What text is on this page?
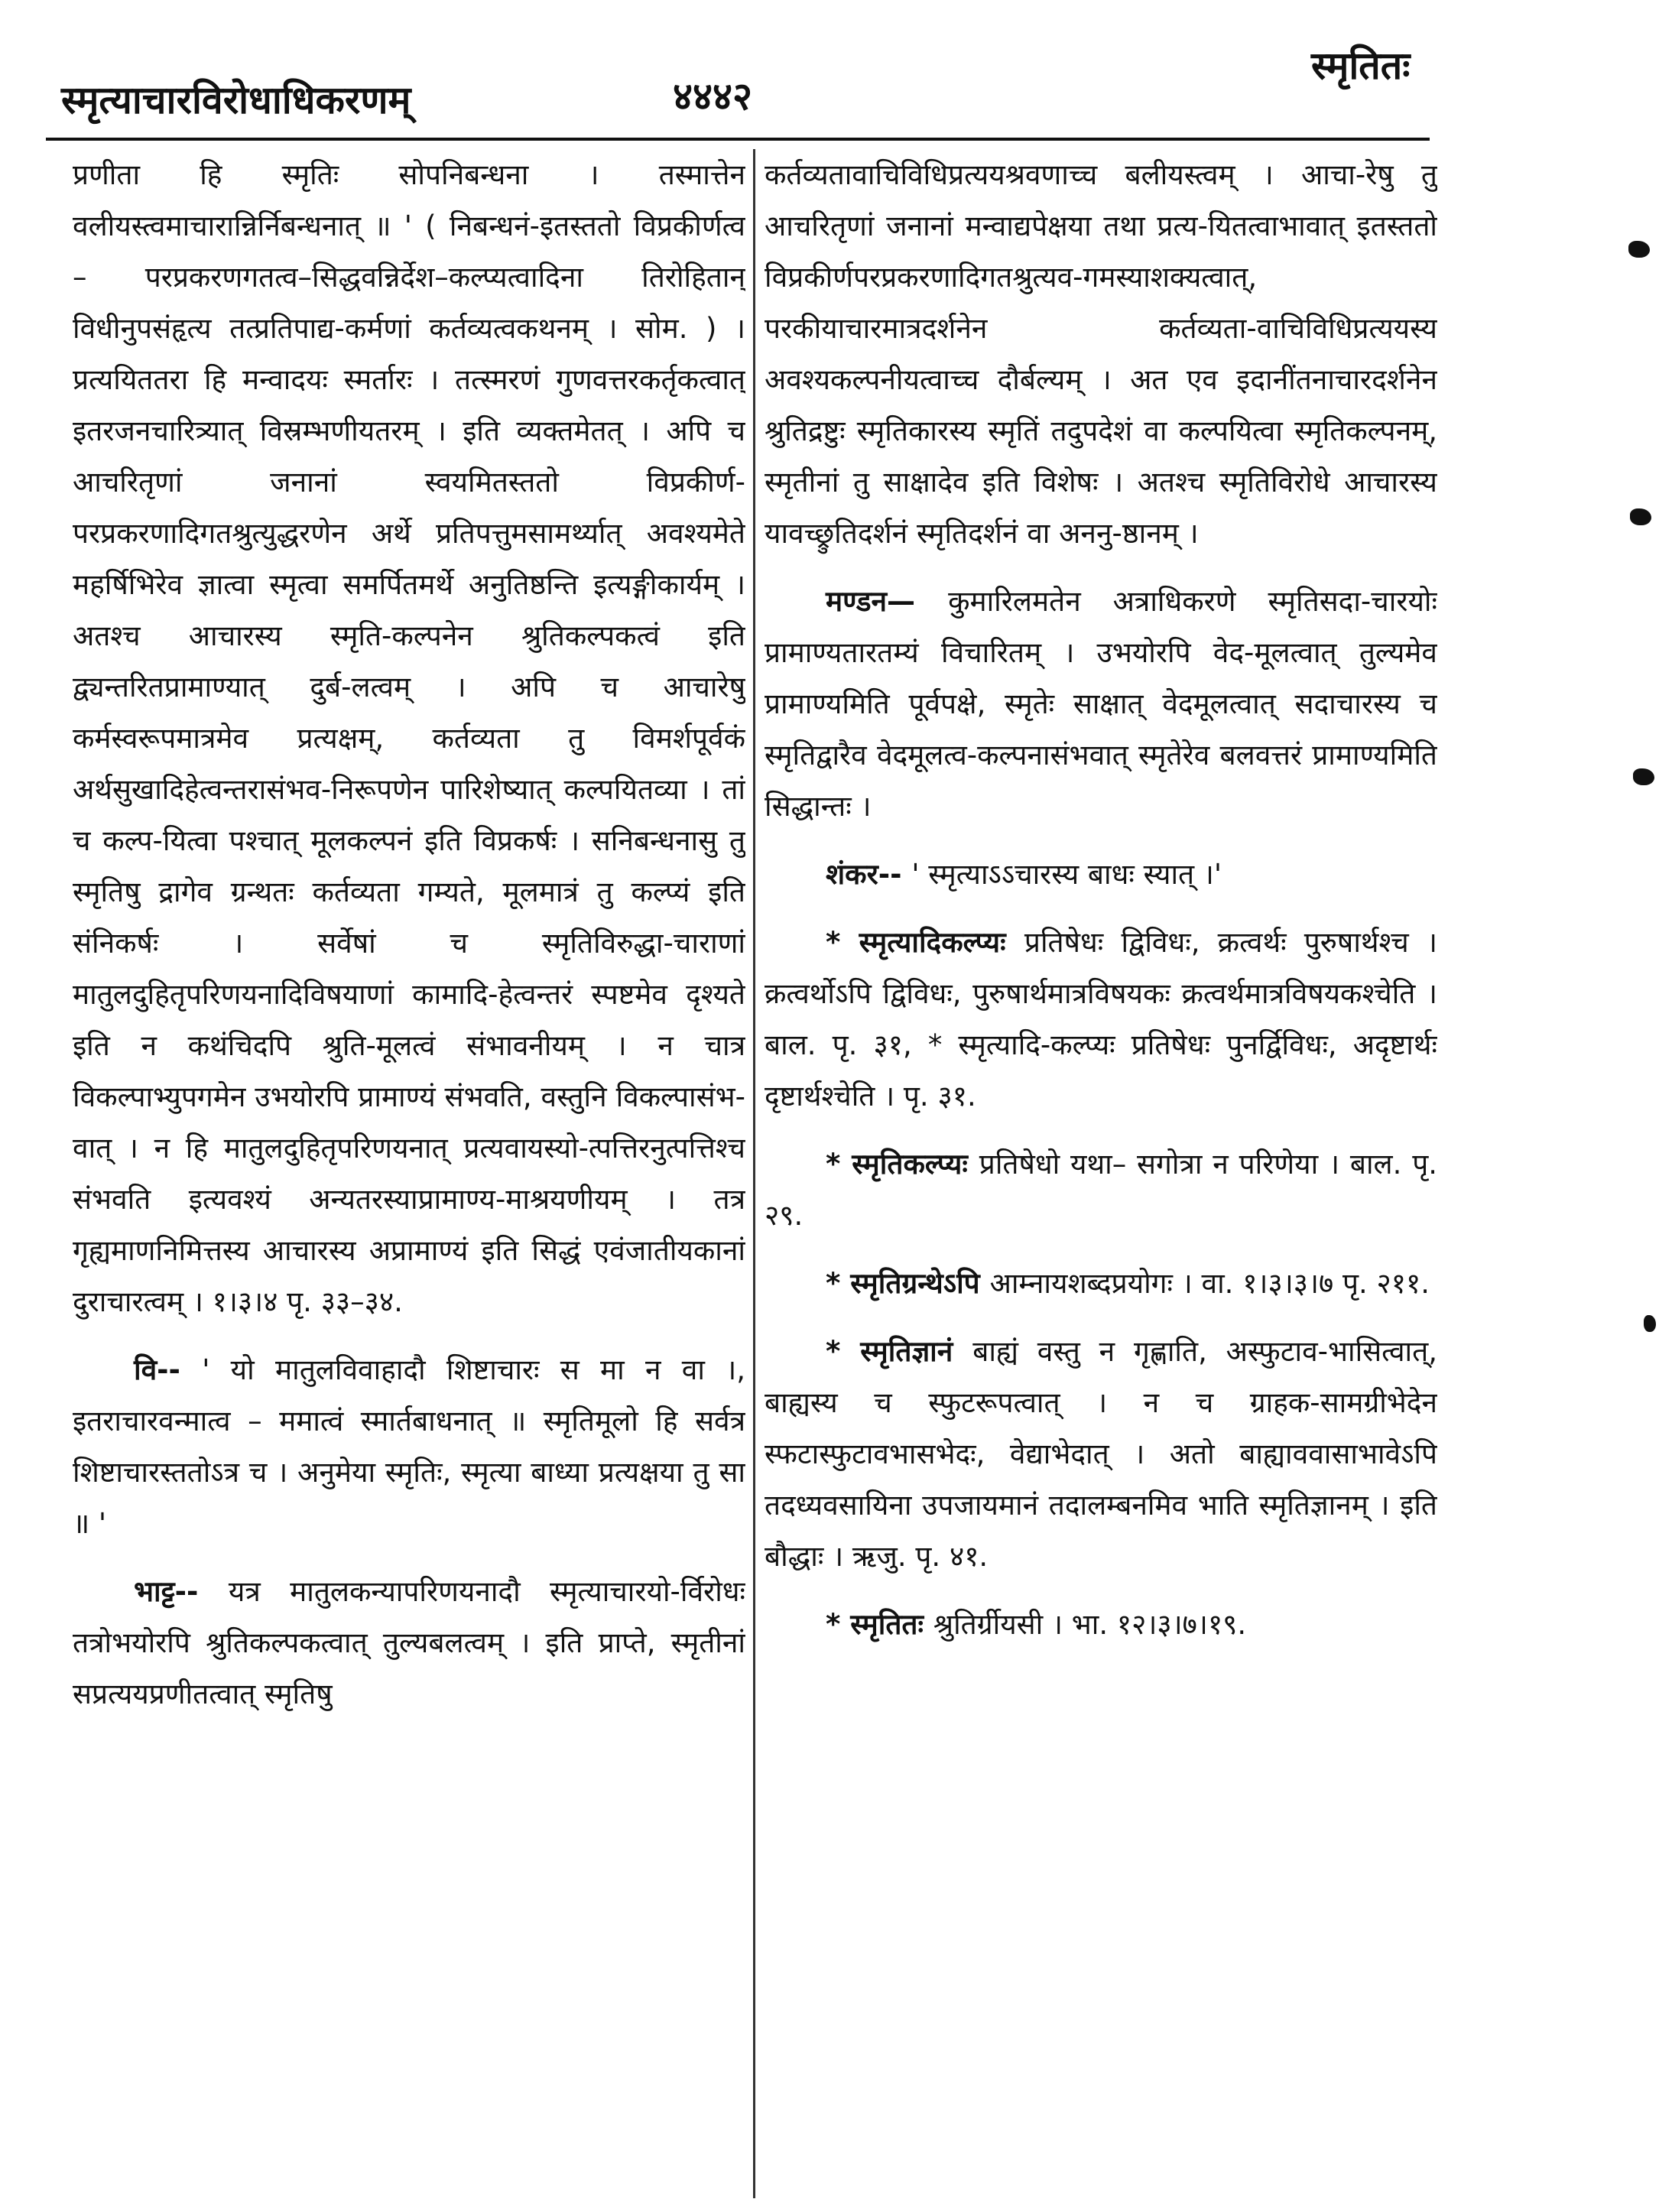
स्मृत्याचारविरोधाधिकरणम्	४४४२
स्मृतितः

प्रणीता हि स्मृतिः सोपनिबन्धना । तस्मात्तेन वलीयस्त्वमाचारान्निर्निबन्धनात् ॥ ' ( निबन्धनं-इतस्ततो विप्रकीर्णत्व – परप्रकरणगतत्व–सिद्धवन्निर्देश–कल्प्यत्वादिना तिरोहितान् विधीनुपसंहृत्य तत्प्रतिपाद्य-कर्मणां कर्तव्यत्वकथनम् । सोम. ) । प्रत्ययिततरा हि मन्वादयः स्मर्तारः । तत्स्मरणं गुणवत्तरकर्तृकत्वात् इतरजनचारित्र्यात् विस्रम्भणीयतरम् । इति व्यक्तमेतत् । अपि च आचरितृणां जनानां स्वयमितस्ततो विप्रकीर्ण-परप्रकरणादिगतश्रुत्युद्धरणेन अर्थे प्रतिपत्तुमसामर्थ्यात् अवश्यमेते महर्षिभिरेव ज्ञात्वा स्मृत्वा समर्पितमर्थे अनुतिष्ठन्ति इत्यङ्गीकार्यम् । अतश्च आचारस्य स्मृति-कल्पनेन श्रुतिकल्पकत्वं इति द्व्यन्तरितप्रामाण्यात् दुर्ब-लत्वम् । अपि च आचारेषु कर्मस्वरूपमात्रमेव प्रत्यक्षम्, कर्तव्यता तु विमर्शपूर्वकं अर्थसुखादिहेत्वन्तरासंभव-निरूपणेन पारिशेष्यात् कल्पयितव्या । तां च कल्प-यित्वा पश्चात् मूलकल्पनं इति विप्रकर्षः । सनिबन्धनासु तु स्मृतिषु द्रागेव ग्रन्थतः कर्तव्यता गम्यते, मूलमात्रं तु कल्प्यं इति संनिकर्षः । सर्वेषां च स्मृतिविरुद्धा-चाराणां मातुलदुहितृपरिणयनादिविषयाणां कामादि-हेत्वन्तरं स्पष्टमेव दृश्यते इति न कथंचिदपि श्रुति-मूलत्वं संभावनीयम् । न चात्र विकल्पाभ्युपगमेन उभयोरपि प्रामाण्यं संभवति, वस्तुनि विकल्पासंभ-वात् । न हि मातुलदुहितृपरिणयनात् प्रत्यवायस्यो-त्पत्तिरनुत्पत्तिश्च संभवति इत्यवश्यं अन्यतरस्याप्रामाण्य-माश्रयणीयम् । तत्र गृह्यमाणनिमित्तस्य आचारस्य अप्रामाण्यं इति सिद्धं एवंजातीयकानां दुराचारत्वम् । १।३।४ पृ. ३३–३४.

वि-- ' यो मातुलविवाहादौ शिष्टाचारः स मा न वा ।, इतराचारवन्मात्व – ममात्वं स्मार्तबाधनात् ॥ स्मृतिमूलो हि सर्वत्र शिष्टाचारस्ततोऽत्र च । अनुमेया स्मृतिः, स्मृत्या बाध्या प्रत्यक्षया तु सा ॥ '

भाट्ट-- यत्र मातुलकन्यापरिणयनादौ स्मृत्याचारयो-र्विरोधः तत्रोभयोरपि श्रुतिकल्पकत्वात् तुल्यबलत्वम् । इति प्राप्ते, स्मृतीनां सप्रत्ययप्रणीतत्वात् स्मृतिषु

कर्तव्यतावाचिविधिप्रत्ययश्रवणाच्च बलीयस्त्वम् । आचा-रेषु तु आचरितृणां जनानां मन्वाद्यपेक्षया तथा प्रत्य-यितत्वाभावात् इतस्ततो विप्रकीर्णपरप्रकरणादिगतश्रुत्यव-गमस्याशक्यत्वात्, परकीयाचारमात्रदर्शनेन कर्तव्यता-वाचिविधिप्रत्ययस्य अवश्यकल्पनीयत्वाच्च दौर्बल्यम् । अत एव इदानींतनाचारदर्शनेन श्रुतिद्रष्टुः स्मृतिकारस्य स्मृतिं तदुपदेशं वा कल्पयित्वा स्मृतिकल्पनम्, स्मृतीनां तु साक्षादेव इति विशेषः । अतश्च स्मृतिविरोधे आचारस्य यावच्छ्रुतिदर्शनं स्मृतिदर्शनं वा अननु-ष्ठानम् ।

मण्डन— कुमारिलमतेन अत्राधिकरणे स्मृतिसदा-चारयोः प्रामाण्यतारतम्यं विचारितम् । उभयोरपि वेद-मूलत्वात् तुल्यमेव प्रामाण्यमिति पूर्वपक्षे, स्मृतेः साक्षात् वेदमूलत्वात् सदाचारस्य च स्मृतिद्वारैव वेदमूलत्व-कल्पनासंभवात् स्मृतेरेव बलवत्तरं प्रामाण्यमिति सिद्धान्तः ।

शंकर-- ' स्मृत्याऽऽचारस्य बाधः स्यात् ।'

* स्मृत्यादिकल्प्यः प्रतिषेधः द्विविधः, क्रत्वर्थः पुरुषार्थश्च । क्रत्वर्थोऽपि द्विविधः, पुरुषार्थमात्रविषयकः क्रत्वर्थमात्रविषयकश्चेति । बाल. पृ. ३१, * स्मृत्यादि-कल्प्यः प्रतिषेधः पुनर्द्विविधः, अदृष्टार्थः दृष्टार्थश्चेति । पृ. ३१.

* स्मृतिकल्प्यः प्रतिषेधो यथा– सगोत्रा न परिणेया । बाल. पृ. २९.

* स्मृतिग्रन्थेऽपि आम्नायशब्दप्रयोगः । वा. १।३।३।७ पृ. २११.

* स्मृतिज्ञानं बाह्यं वस्तु न गृह्णाति, अस्फुटाव-भासित्वात्, बाह्यस्य च स्फुटरूपत्वात् । न च ग्राहक-सामग्रीभेदेन स्फटास्फुटावभासभेदः, वेद्याभेदात् । अतो बाह्याववासाभावेऽपि तदध्यवसायिना उपजायमानं तदालम्बनमिव भाति स्मृतिज्ञानम् । इति बौद्धाः । ऋजु. पृ. ४१.

* स्मृतितः श्रुतिर्ग्रीयसी । भा. १२।३।७।१९.
